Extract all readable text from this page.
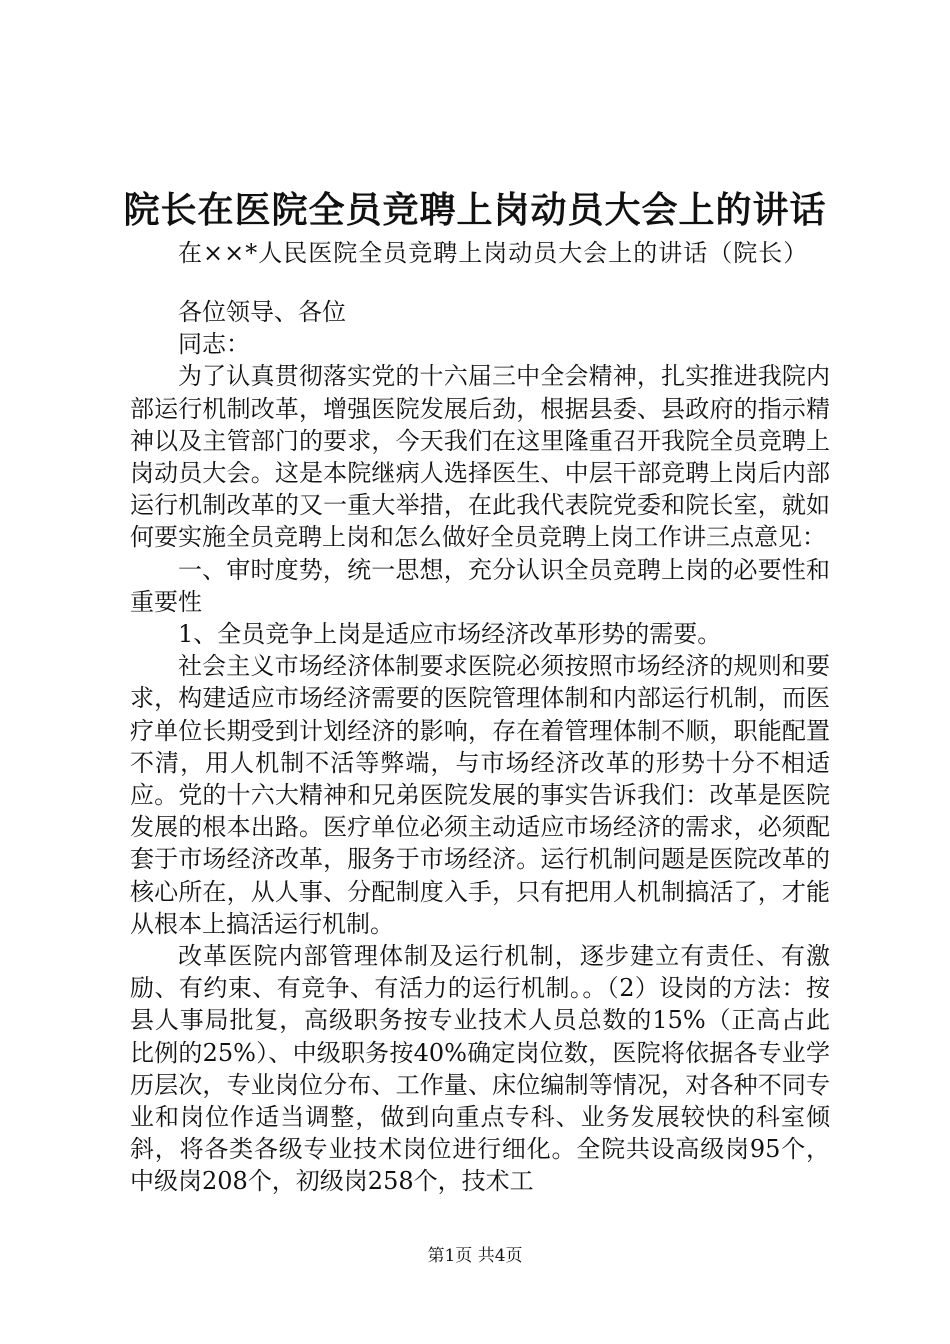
院长在医院全员竞聘上岗动员大会上的讲话
在××*人民医院全员竞聘上岗动员大会上的讲话（院长）

各位领导、各位

同志：

为了认真贯彻落实党的十六届三中全会精神，扎实推进我院内部运行机制改革，增强医院发展后劲，根据县委、县政府的指示精神以及主管部门的要求，今天我们在这里隆重召开我院全员竞聘上岗动员大会。这是本院继病人选择医生、中层干部竞聘上岗后内部运行机制改革的又一重大举措，在此我代表院党委和院长室，就如何要实施全员竞聘上岗和怎么做好全员竞聘上岗工作讲三点意见：

一、审时度势，统一思想，充分认识全员竞聘上岗的必要性和重要性

1、全员竞争上岗是适应市场经济改革形势的需要。

社会主义市场经济体制要求医院必须按照市场经济的规则和要求，构建适应市场经济需要的医院管理体制和内部运行机制，而医疗单位长期受到计划经济的影响，存在着管理体制不顺，职能配置不清，用人机制不活等弊端，与市场经济改革的形势十分不相适应。党的十六大精神和兄弟医院发展的事实告诉我们：改革是医院发展的根本出路。医疗单位必须主动适应市场经济的需求，必须配套于市场经济改革，服务于市场经济。运行机制问题是医院改革的核心所在，从人事、分配制度入手，只有把用人机制搞活了，才能从根本上搞活运行机制。

改革医院内部管理体制及运行机制，逐步建立有责任、有激励、有约束、有竞争、有活力的运行机制。。（2）设岗的方法：按县人事局批复，高级职务按专业技术人员总数的15%（正高占此比例的25%）、中级职务按40%确定岗位数，医院将依据各专业学历层次，专业岗位分布、工作量、床位编制等情况，对各种不同专业和岗位作适当调整，做到向重点专科、业务发展较快的科室倾斜，将各类各级专业技术岗位进行细化。全院共设高级岗95个，中级岗208个，初级岗258个，技术工

第1页 共4页
